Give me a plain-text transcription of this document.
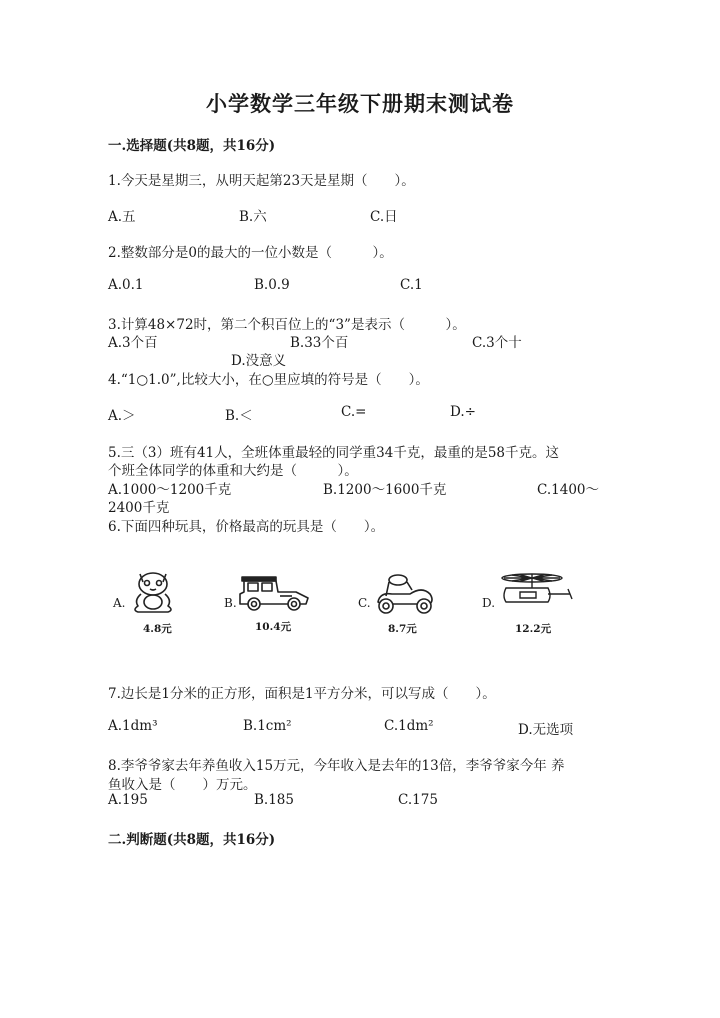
小学数学三年级下册期末测试卷
一.选择题(共8题，共16分)
1.今天是星期三，从明天起第23天是星期（　　）。
A.五	B.六	C.日
2.整数部分是0的最大的一位小数是（　　　）。
A.0.1	B.0.9	C.1
3.计算48×72时，第二个积百位上的“3”是表示（　　　）。
A.3个百	B.33个百	C.3个十
D.没意义
4.“1○1.0”,比较大小，在○里应填的符号是（　　）。
A.＞	B.＜	C.=	D.÷
5.三（3）班有41人，全班体重最轻的同学重34千克，最重的是58千克。这
个班全体同学的体重和大约是（　　　）。
A.1000～1200千克	B.1200～1600千克	C.1400～
2400千克
6.下面四种玩具，价格最高的玩具是（　　）。
A.
4.8元
B.
10.4元
C.
8.7元
D.
12.2元
7.边长是1分米的正方形，面积是1平方分米，可以写成（　　）。
A.1dm³	B.1cm²	C.1dm²	D.无选项
8.李爷爷家去年养鱼收入15万元，今年收入是去年的13倍，李爷爷家今年 养
鱼收入是（　　）万元。
A.195	B.185	C.175
二.判断题(共8题，共16分)
